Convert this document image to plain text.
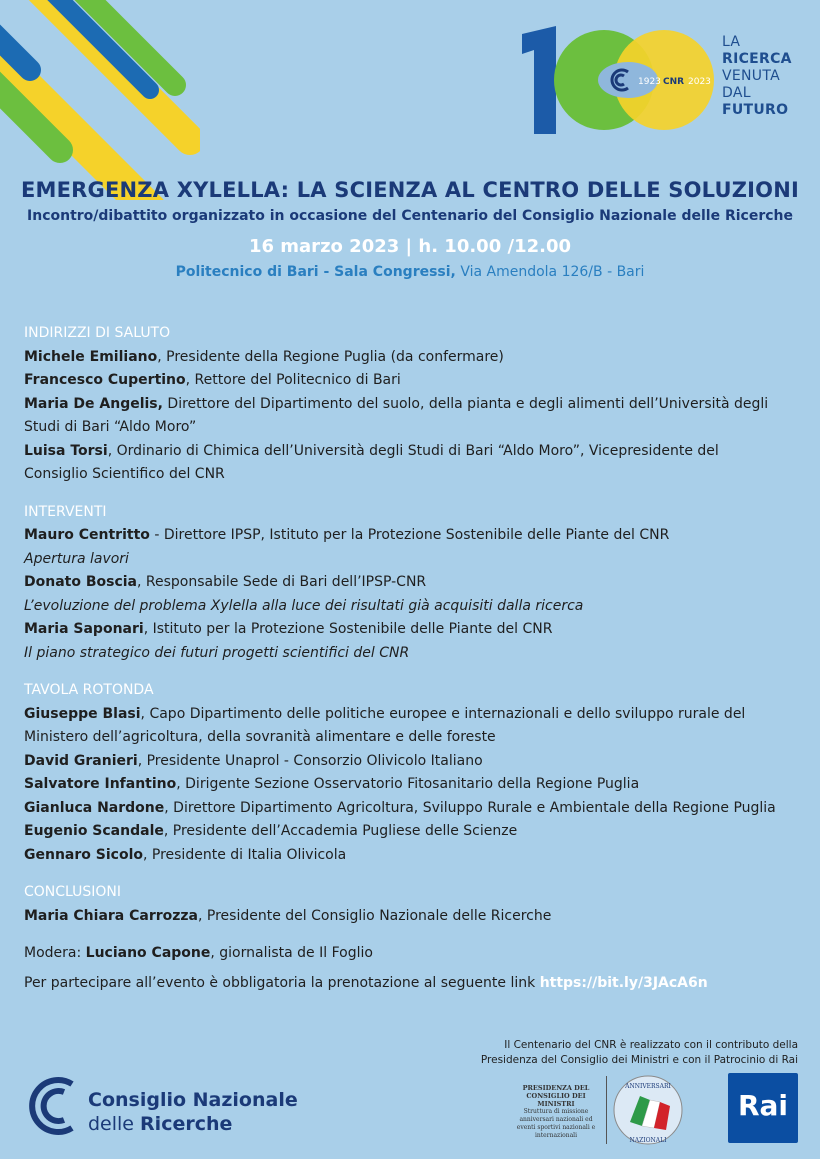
1923 CNR 2023
LA
RICERCA
VENUTA
DAL
FUTURO
EMERGENZA XYLELLA: LA SCIENZA AL CENTRO DELLE SOLUZIONI
Incontro/dibattito organizzato in occasione del Centenario del Consiglio Nazionale delle Ricerche
16 marzo 2023 | h. 10.00 /12.00
Politecnico di Bari - Sala Congressi, Via Amendola 126/B - Bari
INDIRIZZI DI SALUTO

Michele Emiliano, Presidente della Regione Puglia (da confermare)

Francesco Cupertino, Rettore del Politecnico di Bari

Maria De Angelis, Direttore del Dipartimento del suolo, della pianta e degli alimenti dell’Università degli

Studi di Bari “Aldo Moro”

Luisa Torsi, Ordinario di Chimica dell’Università degli Studi di Bari “Aldo Moro”, Vicepresidente del

Consiglio Scientifico del CNR

INTERVENTI

Mauro Centritto - Direttore IPSP, Istituto per la Protezione Sostenibile delle Piante del CNR

Apertura lavori

Donato Boscia, Responsabile Sede di Bari dell’IPSP-CNR

L’evoluzione del problema Xylella alla luce dei risultati già acquisiti dalla ricerca

Maria Saponari, Istituto per la Protezione Sostenibile delle Piante del CNR

Il piano strategico dei futuri progetti scientifici del CNR

TAVOLA ROTONDA

Giuseppe Blasi, Capo Dipartimento delle politiche europee e internazionali e dello sviluppo rurale del

Ministero dell’agricoltura, della sovranità alimentare e delle foreste

David Granieri, Presidente Unaprol - Consorzio Olivicolo Italiano

Salvatore Infantino, Dirigente Sezione Osservatorio Fitosanitario della Regione Puglia

Gianluca Nardone, Direttore Dipartimento Agricoltura, Sviluppo Rurale e Ambientale della Regione Puglia

Eugenio Scandale, Presidente dell’Accademia Pugliese delle Scienze

Gennaro Sicolo, Presidente di Italia Olivicola

CONCLUSIONI

Maria Chiara Carrozza, Presidente del Consiglio Nazionale delle Ricerche

Modera: Luciano Capone, giornalista de Il Foglio

Per partecipare all’evento è obbligatoria la prenotazione al seguente link https://bit.ly/3JAcA6n

Il Centenario del CNR è realizzato con il contributo della Presidenza del Consiglio dei Ministri e con il Patrocinio di Rai
Consiglio Nazionale
delle Ricerche
PRESIDENZA DEL CONSIGLIO DEI MINISTRI
Struttura di missione anniversari nazionali ed eventi sportivi nazionali e internazionali
ANNIVERSARI
NAZIONALI
Rai
